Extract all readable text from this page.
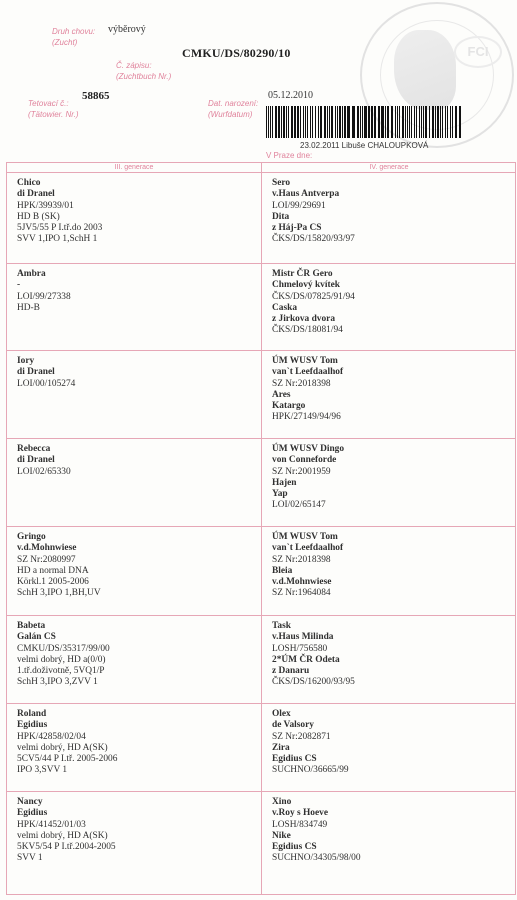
Druh chovu:
(Zucht)
výběrový
CMKU/DS/80290/10
Č. zápisu:
(Zuchtbuch Nr.)
Tetovací č.:
(Tätowier. Nr.)
58865
Dat. narození:
(Wurfdatum)
05.12.2010
FCI
23.02.2011 Libuše CHALOUPKOVÁ
V Praze dne:
III. generace	IV. generace
Chico
di Dranel
HPK/39939/01
HD B (SK)
5JV5/55 P I.tř.do 2003
SVV 1,IPO 1,SchH 1
Ambra
-
LOI/99/27338
HD-B
Iory
di Dranel
LOI/00/105274
Rebecca
di Dranel
LOI/02/65330
Gringo
v.d.Mohnwiese
SZ Nr:2080997
HD a normal DNA
Körkl.1 2005-2006
SchH 3,IPO 1,BH,UV
Babeta
Galán CS
CMKU/DS/35317/99/00
velmi dobrý, HD a(0/0)
1.tř.doživotně, 5VQ1/P
SchH 3,IPO 3,ZVV 1
Roland
Egidius
HPK/42858/02/04
velmi dobrý, HD A(SK)
5CV5/44 P I.tř. 2005-2006
IPO 3,SVV 1
Nancy
Egidius
HPK/41452/01/03
velmi dobrý, HD A(SK)
5KV5/54 P I.tř.2004-2005
SVV 1
Sero
v.Haus Antverpa
LOI/99/29691
Dita
z Háj-Pa CS
ČKS/DS/15820/93/97
Mistr ČR Gero
Chmelový kvítek
ČKS/DS/07825/91/94
Caska
z Jirkova dvora
ČKS/DS/18081/94
ÚM WUSV Tom
van`t Leefdaalhof
SZ Nr:2018398
Ares
Katargo
HPK/27149/94/96
ÚM WUSV Dingo
von Conneforde
SZ Nr:2001959
Hajen
Yap
LOI/02/65147
ÚM WUSV Tom
van`t Leefdaalhof
SZ Nr:2018398
Bleia
v.d.Mohnwiese
SZ Nr:1964084
Task
v.Haus Milinda
LOSH/756580
2*ÚM ČR Odeta
z Danaru
ČKS/DS/16200/93/95
Olex
de Valsory
SZ Nr:2082871
Zira
Egidius CS
SUCHNO/36665/99
Xino
v.Roy s Hoeve
LOSH/834749
Nike
Egidius CS
SUCHNO/34305/98/00
